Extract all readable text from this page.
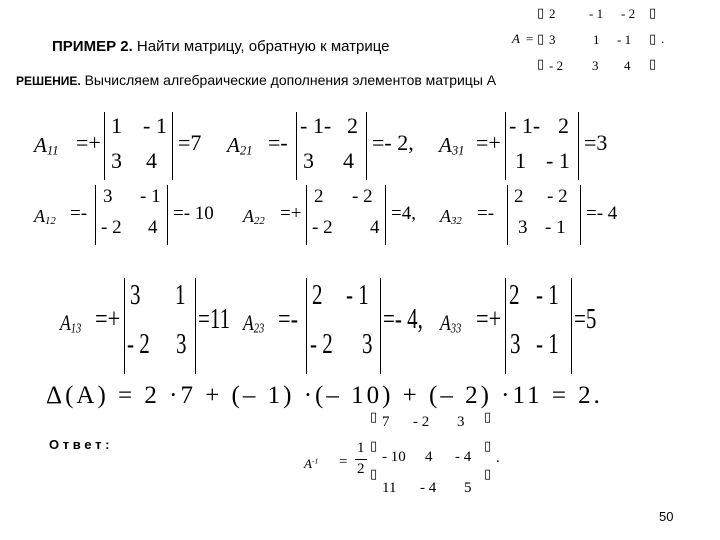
ПРИМЕР 2. Найти матрицу, обратную к матрице	A =
▯
▯
▯
2	- 1 - 2
3	1 - 1
- 2 3 4
▯
▯
▯
.
РЕШЕНИЕ. Вычисляем алгебраические дополнения элементов матрицы А
$A_{11}$ =+
1 - 1
3 4
=7 $A_{21}$ =-
- 1- 2
3 4
=- 2, $A_{31}$ =+
- 1- 2
1 - 1
=3
$A_{12}$ =-
3 - 1
- 2 4
=- 10 $A_{22}$ =+
2 - 2
- 2 4
=4, $A_{32}$ =-
2 - 2
3 - 1
=- 4
$A_{13}$ =+
3 1
- 2 3
=11 $A_{23}$ =-
2 - 1
- 2 3
=- 4, $A_{33}$ =+
2 - 1
3 - 1
=5
Δ(A) = 2 ·7 + (– 1) ·(– 10) + (– 2) ·11 = 2.
О т в е т :
$A^{-1}$ =
1
2
▯
▯
▯
7 - 2 3
- 10 4 - 4
11 - 4 5
▯
▯
▯
.
50
